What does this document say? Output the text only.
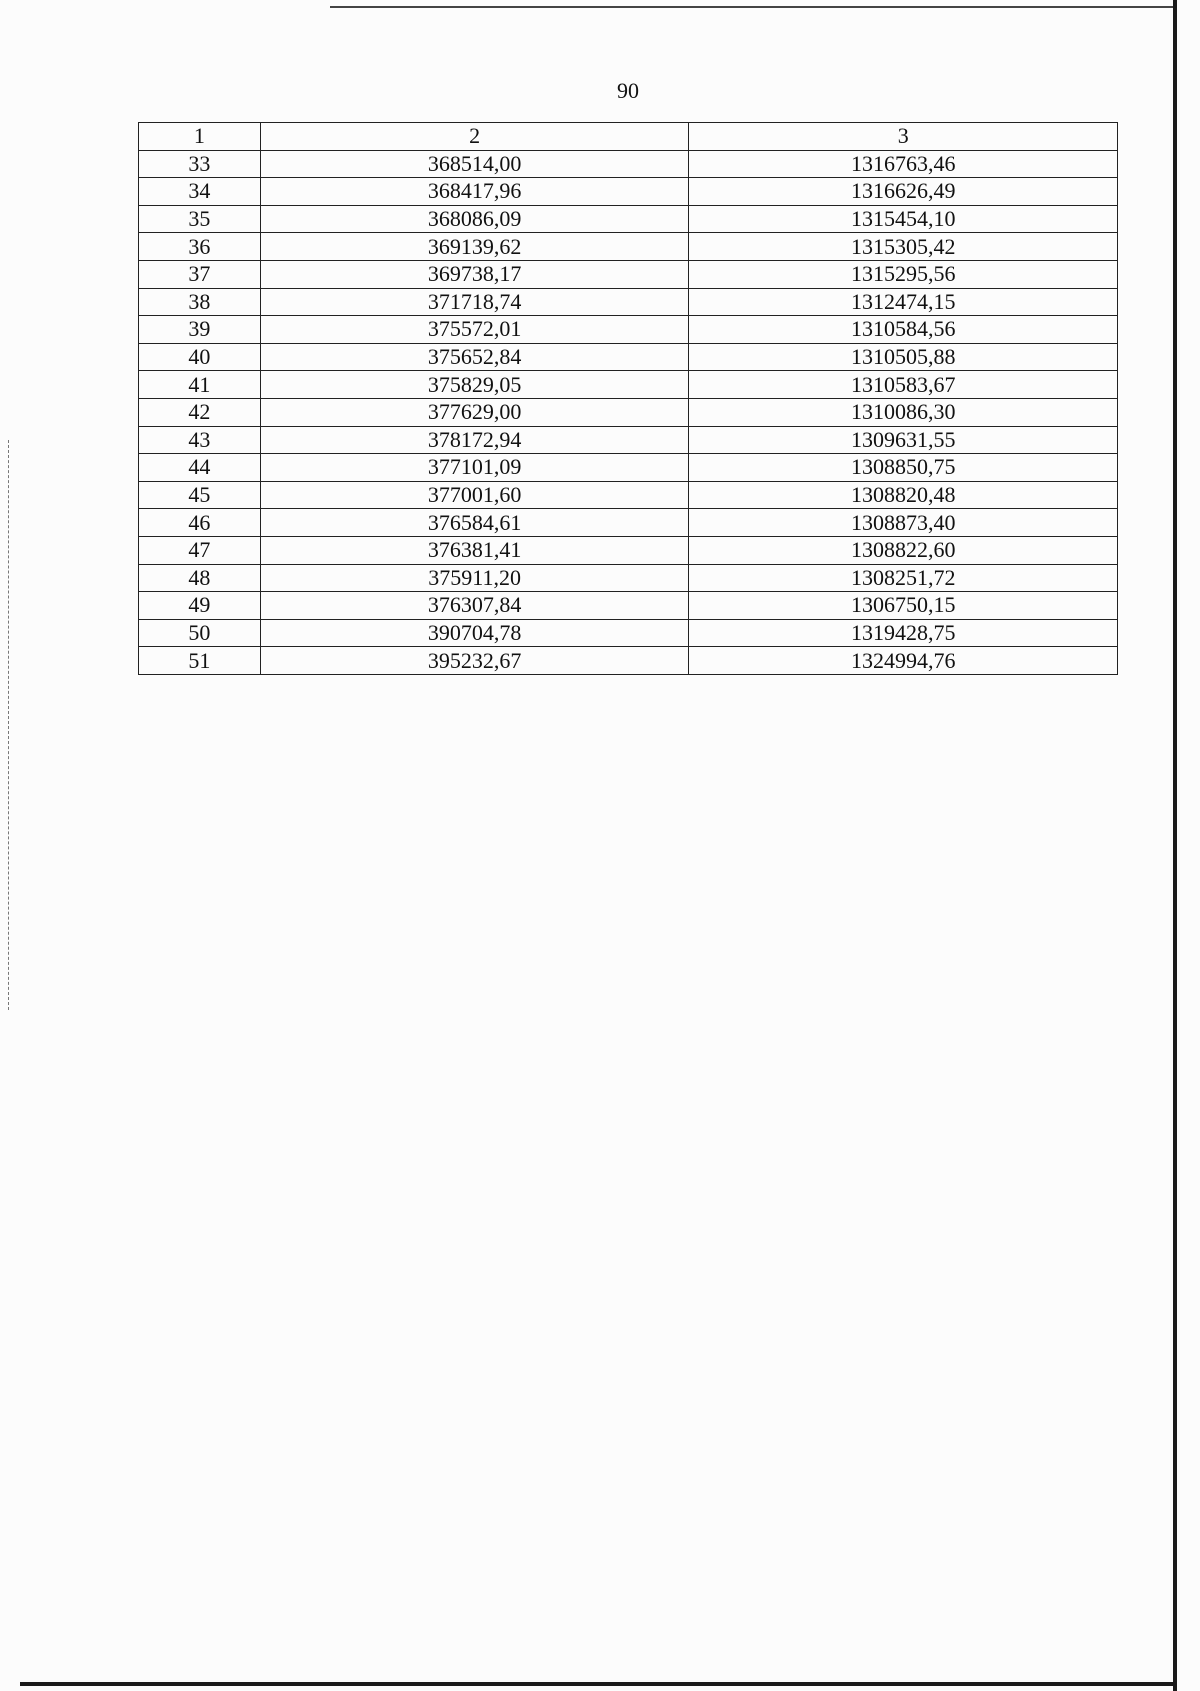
90
1	2	3
33	368514,00	1316763,46
34	368417,96	1316626,49
35	368086,09	1315454,10
36	369139,62	1315305,42
37	369738,17	1315295,56
38	371718,74	1312474,15
39	375572,01	1310584,56
40	375652,84	1310505,88
41	375829,05	1310583,67
42	377629,00	1310086,30
43	378172,94	1309631,55
44	377101,09	1308850,75
45	377001,60	1308820,48
46	376584,61	1308873,40
47	376381,41	1308822,60
48	375911,20	1308251,72
49	376307,84	1306750,15
50	390704,78	1319428,75
51	395232,67	1324994,76
